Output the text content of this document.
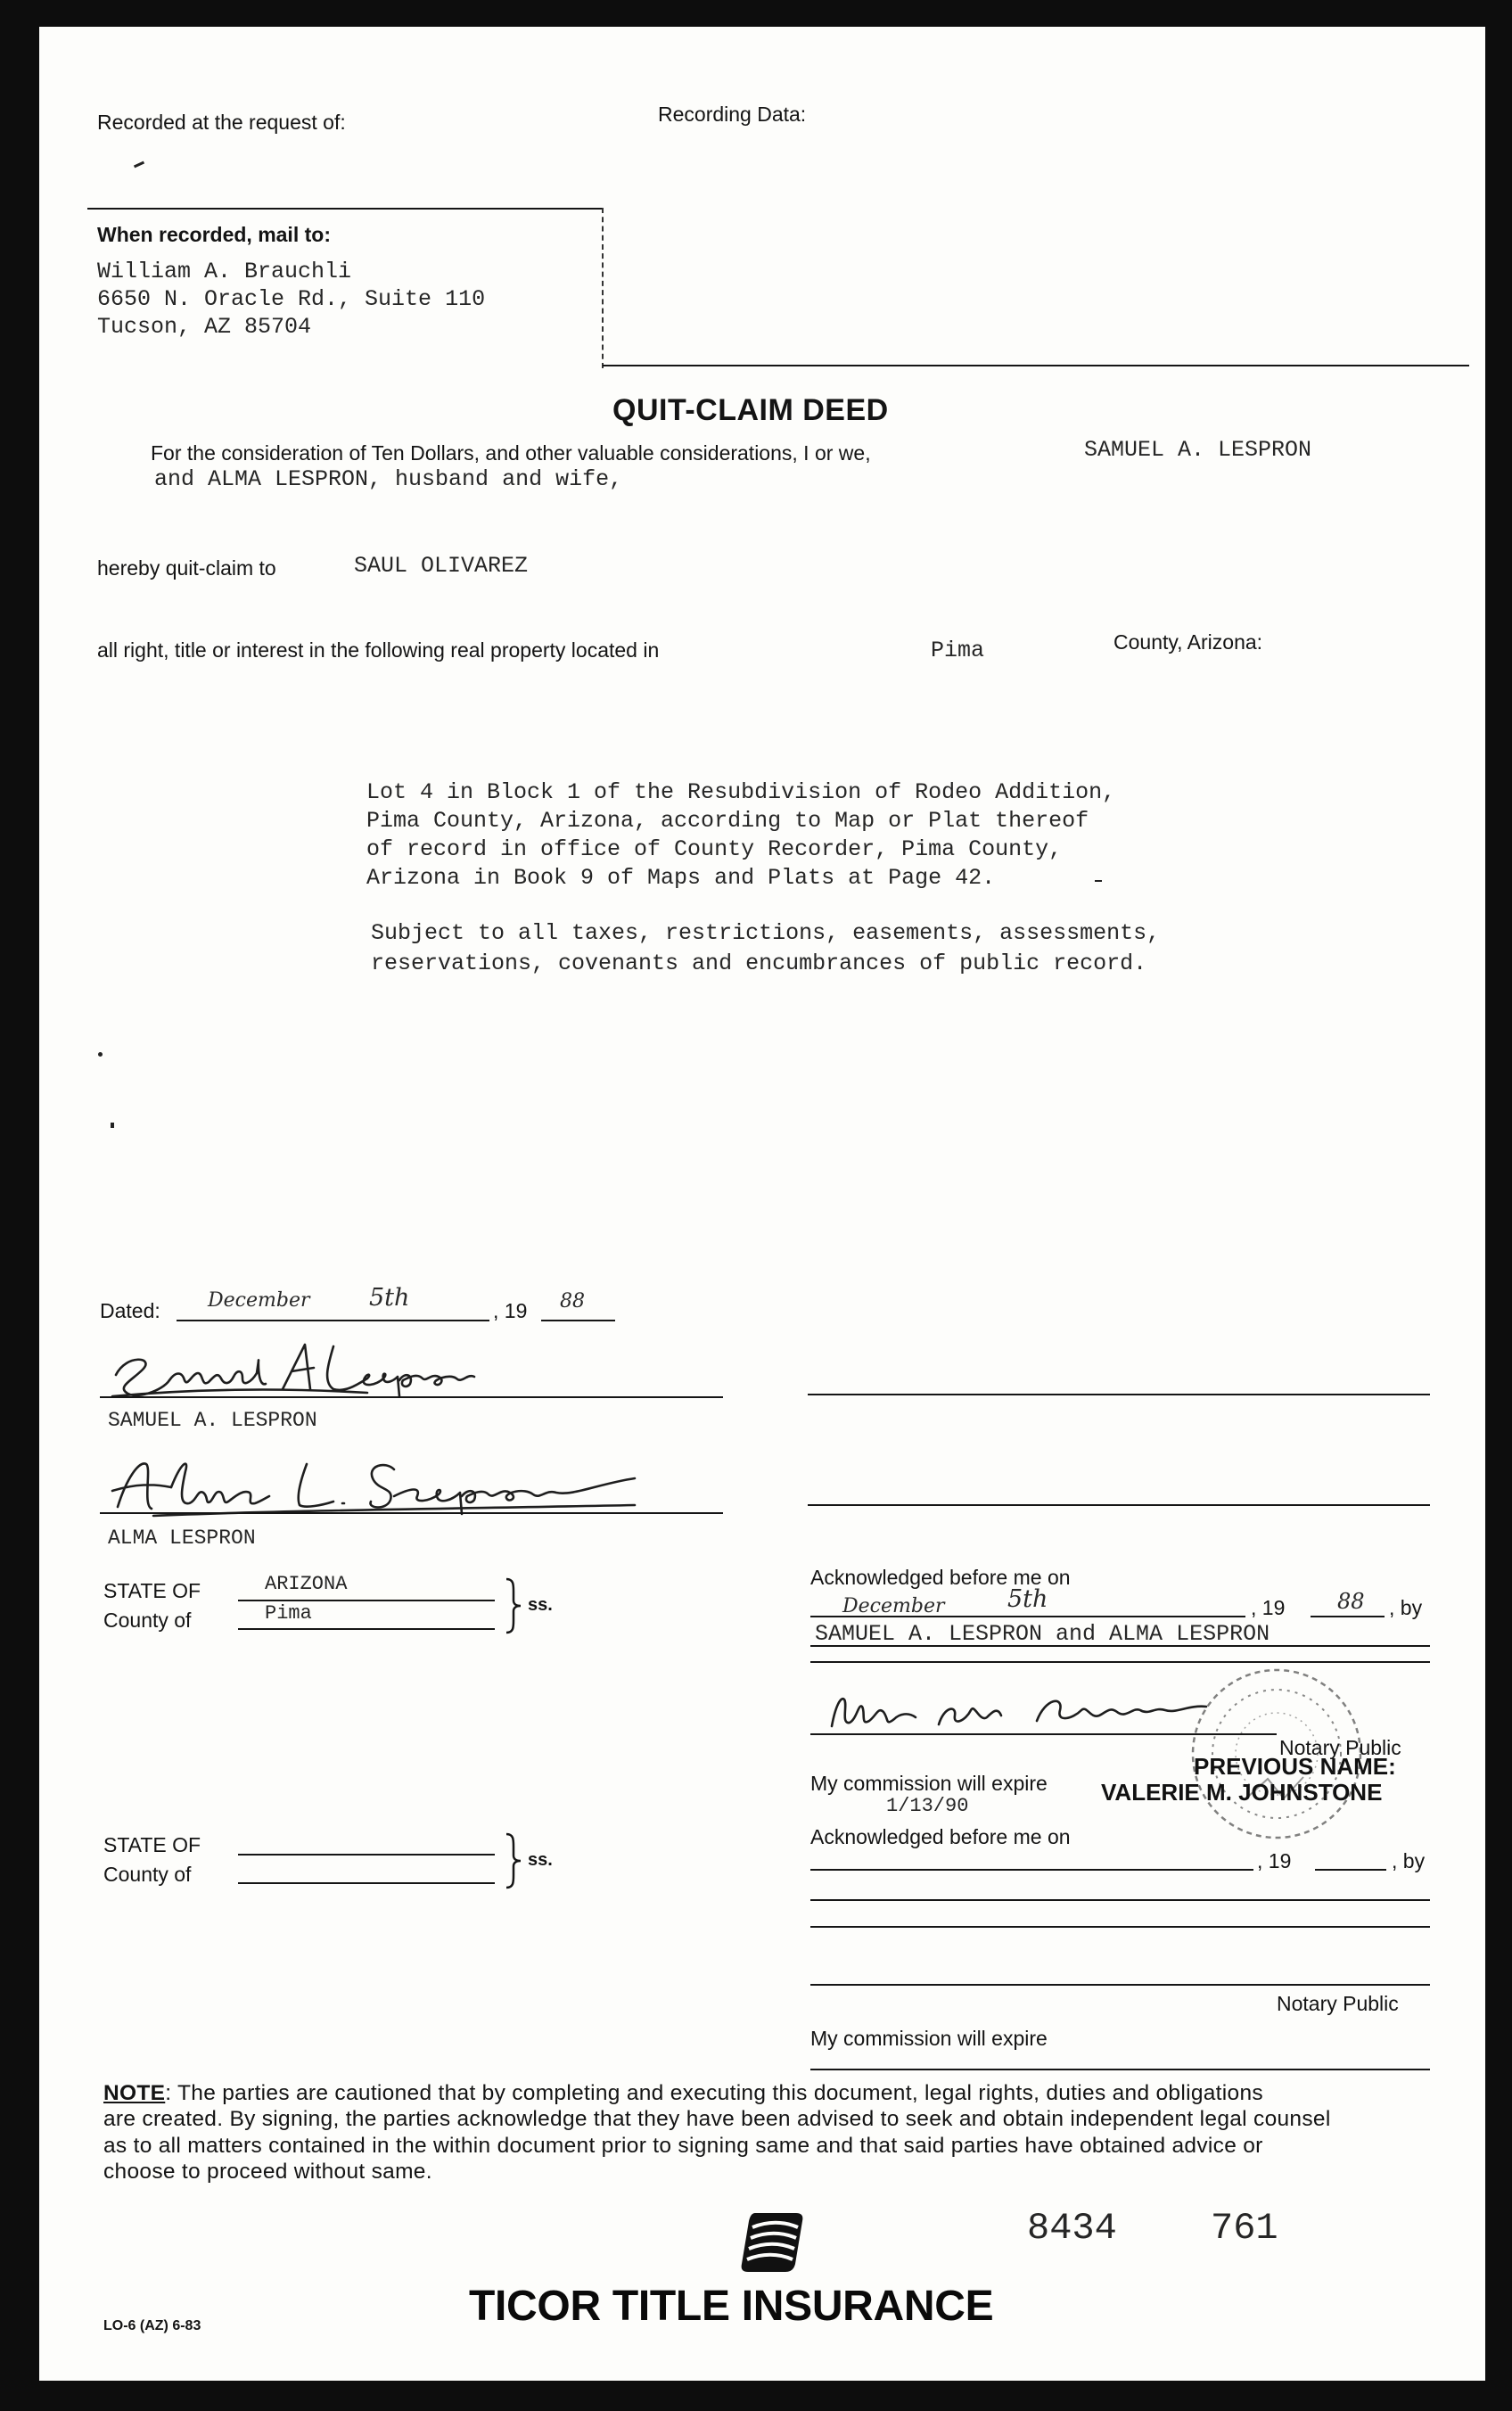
Recorded at the request of:	Recording Data:
When recorded, mail to:
William A. Brauchli
6650 N. Oracle Rd., Suite 110
Tucson, AZ 85704
QUIT-CLAIM DEED
For the consideration of Ten Dollars, and other valuable considerations, I or we,	SAMUEL A. LESPRON
and ALMA LESPRON, husband and wife,
hereby quit-claim to	SAUL OLIVAREZ
all right, title or interest in the following real property located in	Pima	County, Arizona:
Lot 4 in Block 1 of the Resubdivision of Rodeo Addition,
Pima County, Arizona, according to Map or Plat thereof
of record in office of County Recorder, Pima County,
Arizona in Book 9 of Maps and Plats at Page 42.
Subject to all taxes, restrictions, easements, assessments,
reservations, covenants and encumbrances of public record.
Dated: December 5th	, 19 88
SAMUEL A. LESPRON
ALMA LESPRON
STATE OF	ARIZONA
County of	Pima	ss.
Acknowledged before me on
December	5th	, 19 88 , by
SAMUEL A. LESPRON and ALMA LESPRON
Notary Public
PREVIOUS NAME:
My commission will expire VALERIE M. JOHNSTONE
1/13/90
STATE OF
County of
ss.
Acknowledged before me on
, 19	, by
Notary Public
My commission will expire
NOTE: The parties are cautioned that by completing and executing this document, legal rights, duties and obligations
are created. By signing, the parties acknowledge that they have been advised to seek and obtain independent legal counsel
as to all matters contained in the within document prior to signing same and that said parties have obtained advice or
choose to proceed without same.
8434	761
TICOR TITLE INSURANCE
LO-6 (AZ) 6-83
